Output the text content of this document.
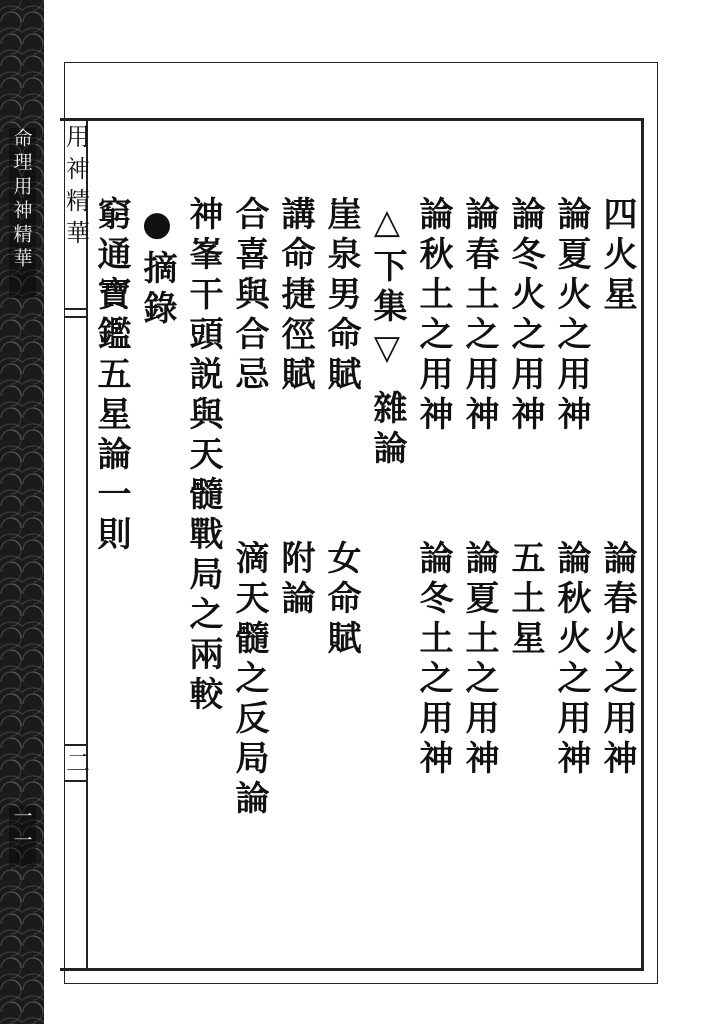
命理用神精華
一一
用神精華
二
四火星
論春火之用神
論夏火之用神
論秋火之用神
論冬火之用神
五土星
論春土之用神
論夏土之用神
論秋土之用神
論冬土之用神
△下集▽
雜論
崖泉男命賦
女命賦
講命捷徑賦
附論
合喜與合忌
滴天髓之反局論
神峯干頭説與天髓戰局之兩較
●摘錄
窮通寶鑑五星論一則
